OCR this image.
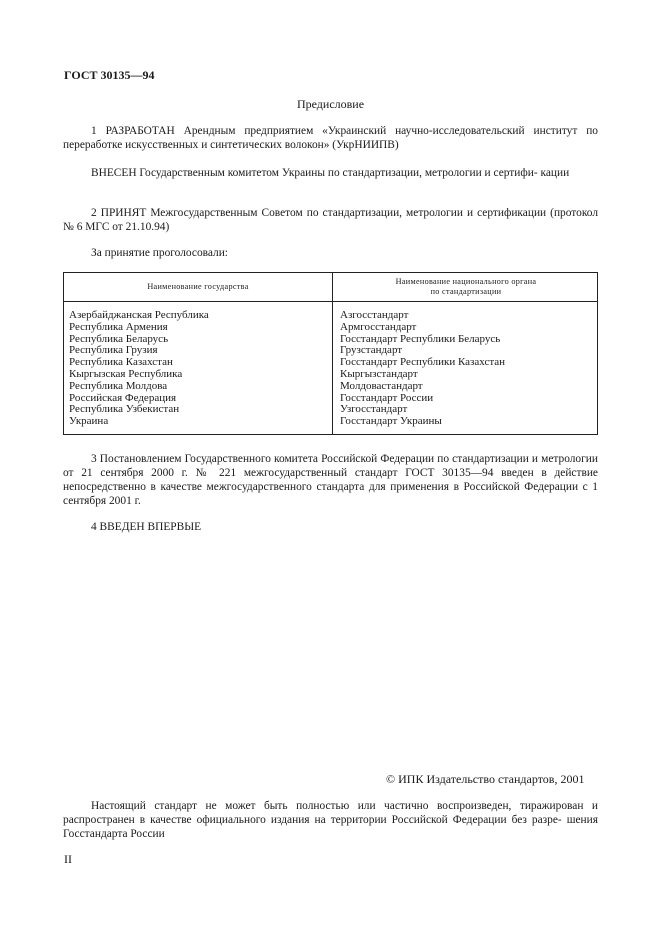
ГОСТ 30135—94
Предисловие
1 РАЗРАБОТАН Арендным предприятием «Украинский научно-исследовательский институт по переработке искусственных и синтетических волокон» (УкрНИИПВ)
ВНЕСЕН Государственным комитетом Украины по стандартизации, метрологии и сертифи- кации
2 ПРИНЯТ Межгосударственным Советом по стандартизации, метрологии и сертификации (протокол № 6 МГС от 21.10.94)
За принятие проголосовали:
Наименование государства
Наименование национального органа
по стандартизации
Азербайджанская Республика
Республика Армения
Республика Беларусь
Республика Грузия
Республика Казахстан
Кыргызская Республика
Республика Молдова
Российская Федерация
Республика Узбекистан
Украина
Азгосстандарт
Армгосстандарт
Госстандарт Республики Беларусь
Грузстандарт
Госстандарт Республики Казахстан
Кыргызстандарт
Молдовастандарт
Госстандарт России
Узгосстандарт
Госстандарт Украины
3 Постановлением Государственного комитета Российской Федерации по стандартизации и метрологии от 21 сентября 2000 г. № 221 межгосударственный стандарт ГОСТ 30135—94 введен в действие непосредственно в качестве межгосударственного стандарта для применения в Российской Федерации с 1 сентября 2001 г.
4 ВВЕДЕН ВПЕРВЫЕ
© ИПК Издательство стандартов, 2001
Настоящий стандарт не может быть полностью или частично воспроизведен, тиражирован и распространен в качестве официального издания на территории Российской Федерации без разре- шения Госстандарта России
II
